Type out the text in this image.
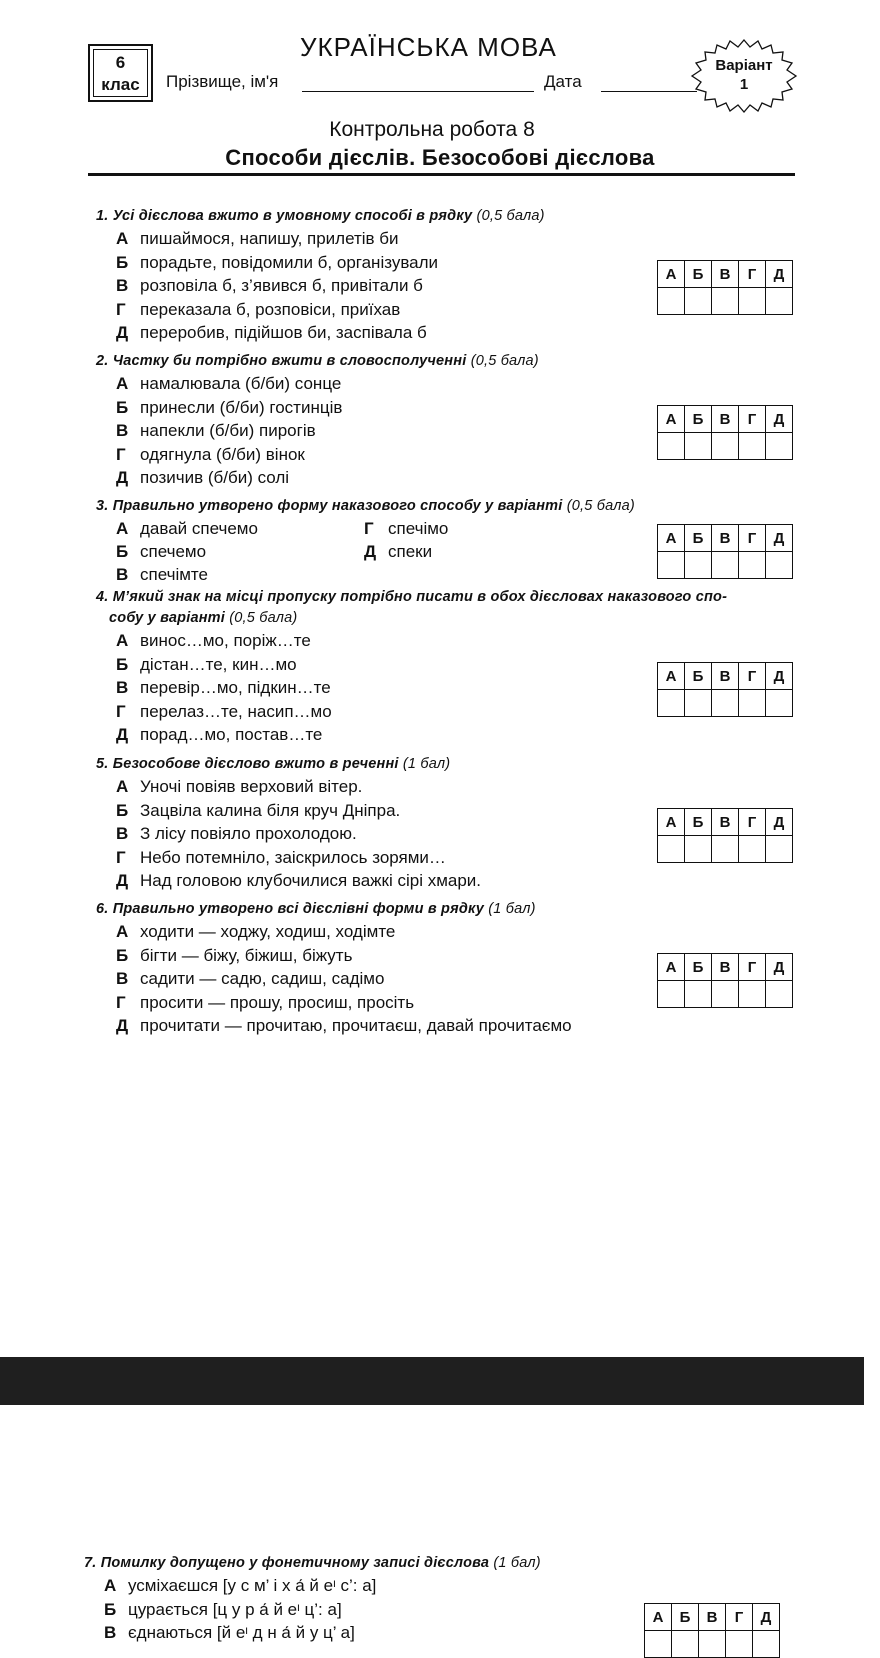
6
клас
УКРАЇНСЬКА МОВА
Прізвище, ім'я	Дата
Варіант
1
Контрольна робота 8
Способи дієслів. Безособові дієслова
1. Усі дієслова вжито в умовному способі в рядку (0,5 бала)
А пишаймося, напишу, прилетів би
Б порадьте, повідомили б, організували
В розповіла б, з’явився б, привітали б
Г переказала б, розповіси, приїхав
Д переробив, підійшов би, заспівала б
А	Б	В	Г	Д

2. Частку би потрібно вжити в словосполученні (0,5 бала)
А намалювала (б/би) сонце
Б принесли (б/би) гостинців
В напекли (б/би) пирогів
Г одягнула (б/би) вінок
Д позичив (б/би) солі
А	Б	В	Г	Д

3. Правильно утворено форму наказового способу у варіанті (0,5 бала)
А давай спечемо
Б спечемо
В спечімте
Г спечімо
Д спеки
А	Б	В	Г	Д

4. М’який знак на місці пропуску потрібно писати в обох дієсловах наказового спо-
собу у варіанті (0,5 бала)
А винос…мо, поріж…те
Б дістан…те, кин…мо
В перевір…мо, підкин…те
Г перелаз…те, насип…мо
Д порад…мо, постав…те
А	Б	В	Г	Д

5. Безособове дієслово вжито в реченні (1 бал)
А Уночі повіяв верховий вітер.
Б Зацвіла калина біля круч Дніпра.
В З лісу повіяло прохолодою.
Г Небо потемніло, заіскрилось зорями…
Д Над головою клубочилися важкі сірі хмари.
А	Б	В	Г	Д

6. Правильно утворено всі дієслівні форми в рядку (1 бал)
А ходити — ходжу, ходиш, ходімте
Б бігти — біжу, біжиш, біжуть
В садити — садю, садиш, садімо
Г просити — прошу, просиш, просіть
Д прочитати — прочитаю, прочитаєш, давай прочитаємо
А	Б	В	Г	Д

7. Помилку допущено у фонетичному записі дієслова (1 бал)
А усміхаєшся [у с м’ і х а́ й еᶦ с’: а]
Б цурається [ц у р а́ й еᶦ ц’: а]
В єднаються [й еᶦ д н а́ й у ц’ а]
А	Б	В	Г	Д
